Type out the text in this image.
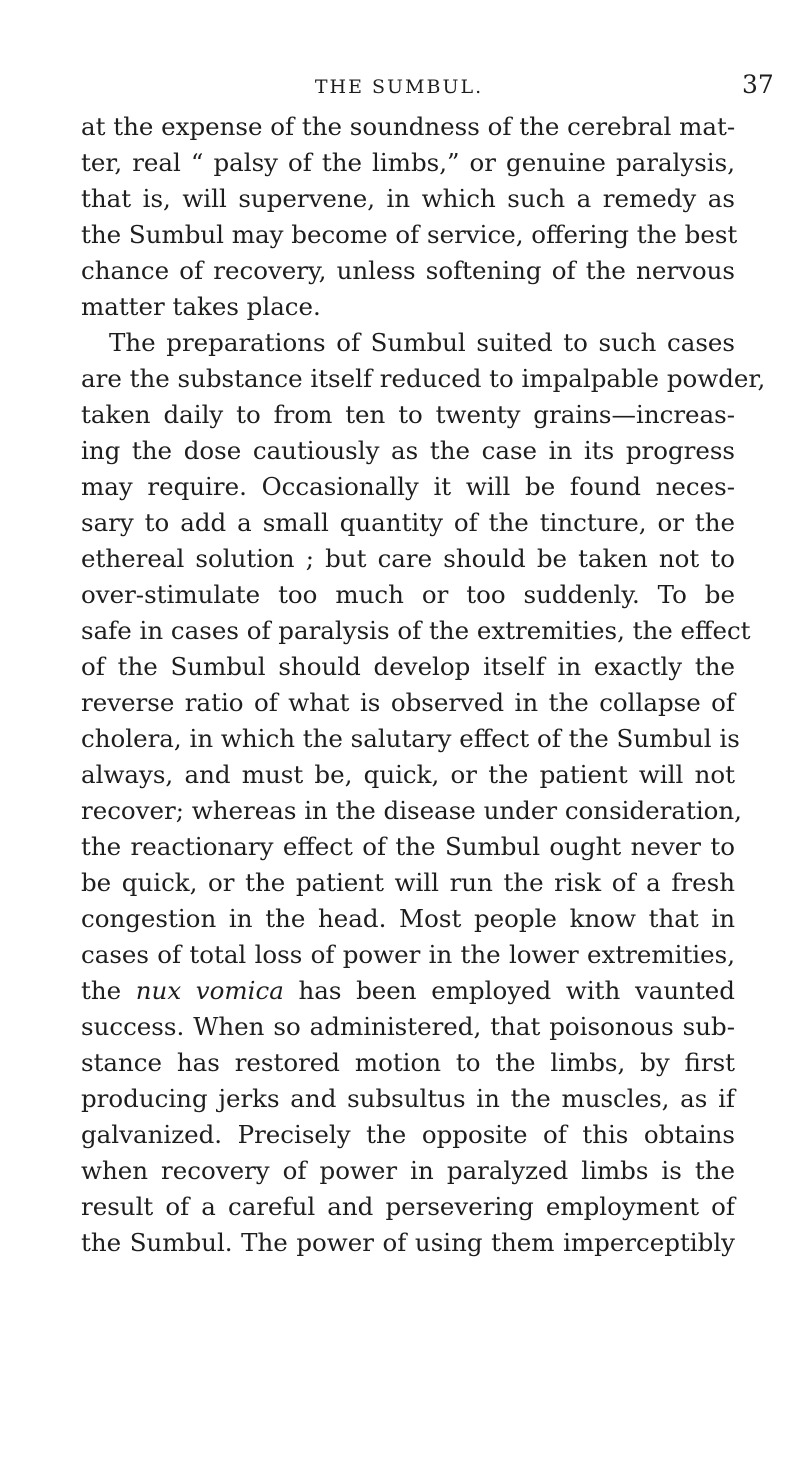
THE SUMBUL.	37
at the expense of the soundness of the cerebral mat-
ter, real “ palsy of the limbs,” or genuine paralysis,
that is, will supervene, in which such a remedy as
the Sumbul may become of service, offering the best
chance of recovery, unless softening of the nervous
matter takes place.
The preparations of Sumbul suited to such cases
are the substance itself reduced to impalpable powder,
taken daily to from ten to twenty grains—increas-
ing the dose cautiously as the case in its progress
may require. Occasionally it will be found neces-
sary to add a small quantity of the tincture, or the
ethereal solution ; but care should be taken not to
over-stimulate too much or too suddenly. To be
safe in cases of paralysis of the extremities, the effect
of the Sumbul should develop itself in exactly the
reverse ratio of what is observed in the collapse of
cholera, in which the salutary effect of the Sumbul is
always, and must be, quick, or the patient will not
recover; whereas in the disease under consideration,
the reactionary effect of the Sumbul ought never to
be quick, or the patient will run the risk of a fresh
congestion in the head. Most people know that in
cases of total loss of power in the lower extremities,
the nux vomica has been employed with vaunted
success. When so administered, that poisonous sub-
stance has restored motion to the limbs, by first
producing jerks and subsultus in the muscles, as if
galvanized. Precisely the opposite of this obtains
when recovery of power in paralyzed limbs is the
result of a careful and persevering employment of
the Sumbul. The power of using them imperceptibly
